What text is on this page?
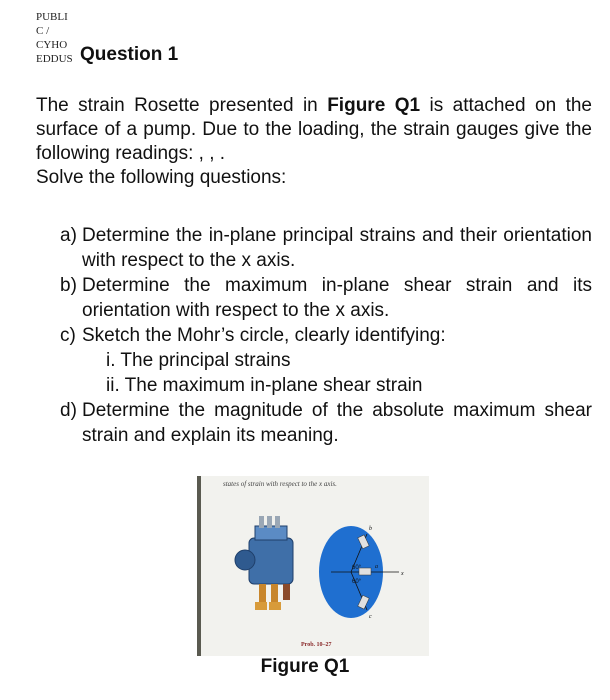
PUBLI
C /
CYHO
EDDUS Question 1
The strain Rosette presented in Figure Q1 is attached on the surface of a pump. Due to the loading, the strain gauges give the following readings: , , .
Solve the following questions:
a) Determine the in-plane principal strains and their orientation with respect to the x axis.
b) Determine the maximum in-plane shear strain and its orientation with respect to the x axis.
c) Sketch the Mohr’s circle, clearly identifying:
i. The principal strains
ii. The maximum in-plane shear strain
d) Determine the magnitude of the absolute maximum shear strain and explain its meaning.
states of strain with respect to the x axis.
60°
60°
a
b
c
x
Prob. 10–27
Figure Q1
